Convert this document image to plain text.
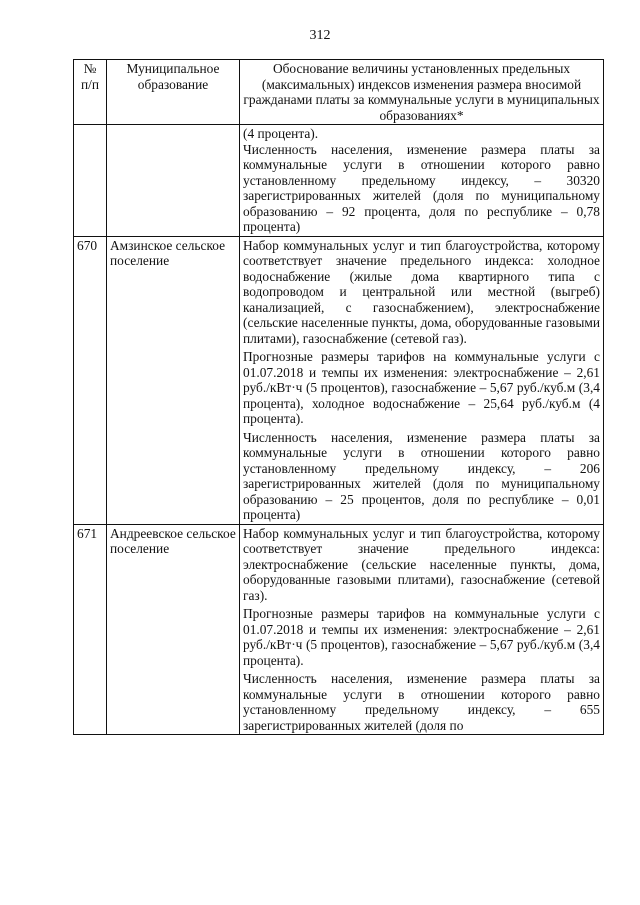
312
№ п/п	Муниципальное образование	Обоснование величины установленных предельных (максимальных) индексов изменения размера вносимой гражданами платы за коммунальные услуги в муниципальных образованиях*

		(4 процента).
Численность населения, изменение размера платы за коммунальные услуги в отношении которого равно установленному предельному индексу, – 30320 зарегистрированных жителей (доля по муниципальному образованию – 92 процента, доля по республике – 0,78 процента)

670	Амзинское сельское поселение	Набор коммунальных услуг и тип благоустройства, которому соответствует значение предельного индекса: холодное водоснабжение (жилые дома квартирного типа с водопроводом и центральной или местной (выгреб) канализацией, с газоснабжением), электроснабжение (сельские населенные пункты, дома, оборудованные газовыми плитами), газоснабжение (сетевой газ).
Прогнозные размеры тарифов на коммунальные услуги с 01.07.2018 и темпы их изменения: электроснабжение – 2,61 руб./кВт·ч (5 процентов), газоснабжение – 5,67 руб./куб.м (3,4 процента), холодное водоснабжение – 25,64 руб./куб.м (4 процента).
Численность населения, изменение размера платы за коммунальные услуги в отношении которого равно установленному предельному индексу, – 206 зарегистрированных жителей (доля по муниципальному образованию – 25 процентов, доля по республике – 0,01 процента)

671	Андреевское сельское поселение	Набор коммунальных услуг и тип благоустройства, которому соответствует значение предельного индекса: электроснабжение (сельские населенные пункты, дома, оборудованные газовыми плитами), газоснабжение (сетевой газ).
Прогнозные размеры тарифов на коммунальные услуги с 01.07.2018 и темпы их изменения: электроснабжение – 2,61 руб./кВт·ч (5 процентов), газоснабжение – 5,67 руб./куб.м (3,4 процента).
Численность населения, изменение размера платы за коммунальные услуги в отношении которого равно установленному предельному индексу, – 655 зарегистрированных жителей (доля по
